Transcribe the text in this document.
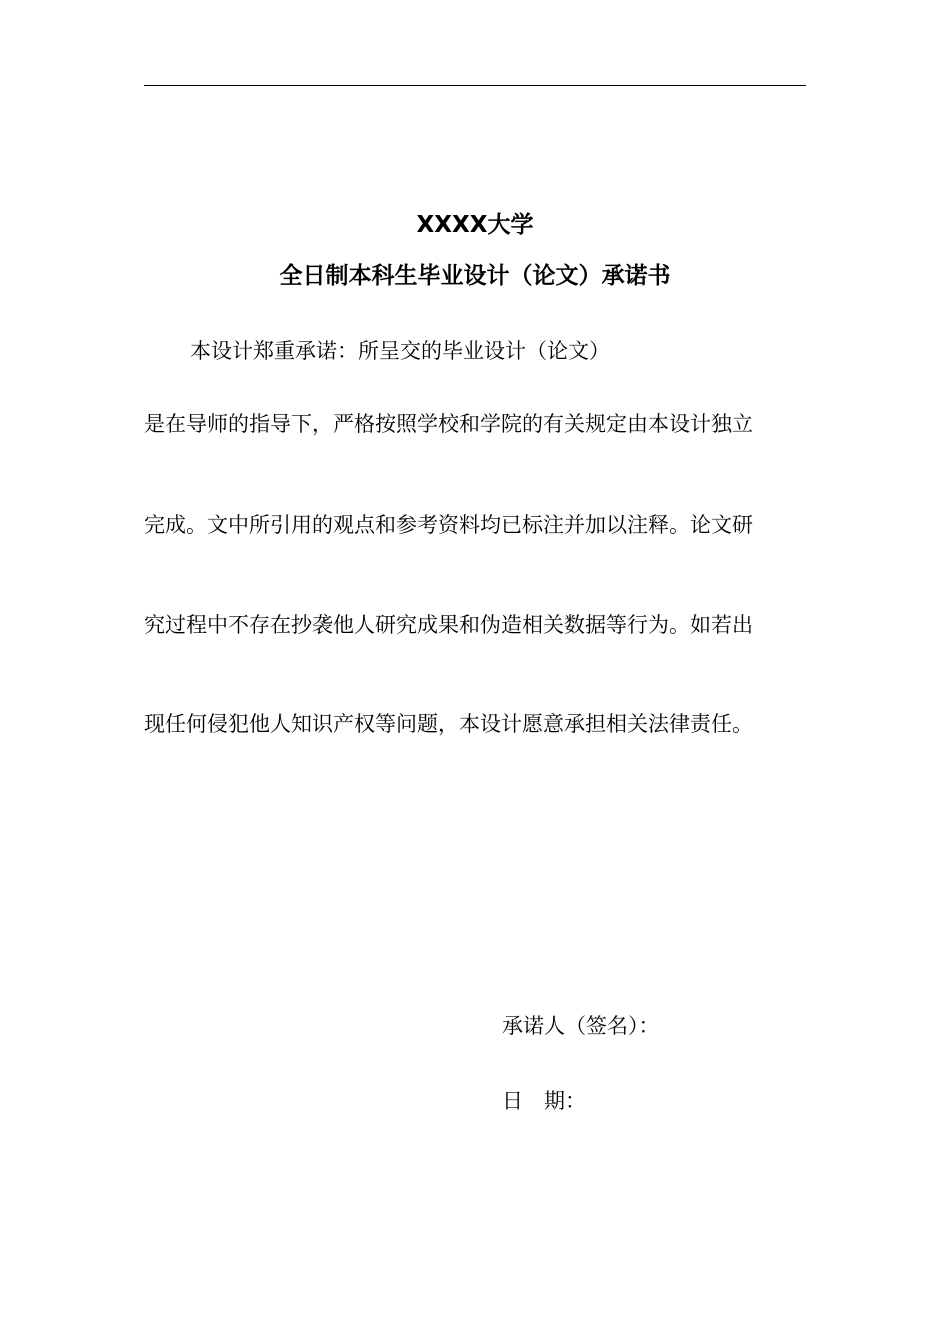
XXXX大学
全日制本科生毕业设计（论文）承诺书
本设计郑重承诺：所呈交的毕业设计（论文）
是在导师的指导下，严格按照学校和学院的有关规定由本设计独立
完成。文中所引用的观点和参考资料均已标注并加以注释。论文研
究过程中不存在抄袭他人研究成果和伪造相关数据等行为。如若出
现任何侵犯他人知识产权等问题，本设计愿意承担相关法律责任。
承诺人（签名）：
日　期：
